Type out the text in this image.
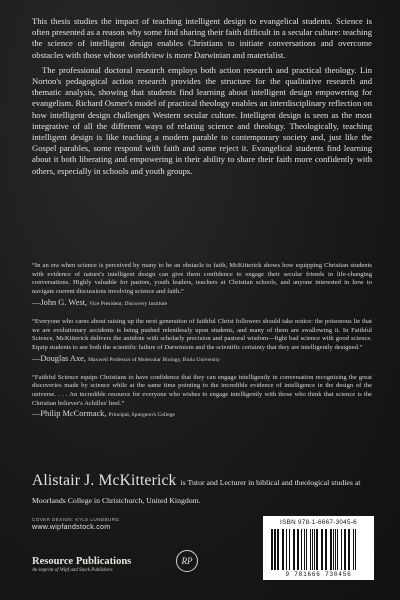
This thesis studies the impact of teaching intelligent design to evangelical students. Science is often presented as a reason why some find sharing their faith difficult in a secular culture: teaching the science of intelligent design enables Christians to initiate conversations and overcome obstacles with those whose worldview is more Darwinian and materialist.

The professional doctoral research employs both action research and practical theology. Lin Norton's pedagogical action research provides the structure for the qualitative research and thematic analysis, showing that students find learning about intelligent design empowering for evangelism. Richard Osmer's model of practical theology enables an interdisciplinary reflection on how intelligent design challenges Western secular culture. Intelligent design is seen as the most integrative of all the different ways of relating science and theology. Theologically, teaching intelligent design is like teaching a modern parable to contemporary society and, just like the Gospel parables, some respond with faith and some reject it. Evangelical students find learning about it both liberating and empowering in their ability to share their faith more confidently with others, especially in schools and youth groups.

“In an era when science is perceived by many to be an obstacle to faith, McKitterick shows how equipping Christian students with evidence of nature's intelligent design can give them confidence to engage their secular friends in life-changing conversations. Highly valuable for pastors, youth leaders, teachers at Christian schools, and anyone interested in how to navigate current discussions involving science and faith.”

—John G. West, Vice President, Discovery Institute

“Everyone who cares about raising up the next generation of faithful Christ followers should take notice: the poisonous lie that we are evolutionary accidents is being pushed relentlessly upon students, and many of them are swallowing it. In Faithful Science, McKitterick delivers the antidote with scholarly precision and pastoral wisdom—fight bad science with good science. Equip students to see both the scientific failure of Darwinism and the scientific certainty that they are intelligently designed.”

—Douglas Axe, Maxwell Professor of Molecular Biology, Biola University

“Faithful Science equips Christians to have confidence that they can engage intelligently in conversation recognizing the great discoveries made by science while at the same time pointing to the incredible evidence of intelligence in the design of the universe. . . . An incredible resource for everyone who wishes to engage intelligently with those who think that science is the Christian believer's Achilles' heel.”

—Philip McCormack, Principal, Spurgeon's College

Alistair J. McKitterick is Tutor and Lecturer in biblical and theological studies at Moorlands College in Christchurch, United Kingdom.
COVER DESIGN: KYLE LUNDBURG
www.wipfandstock.com
Resource Publications
An imprint of Wipf and Stock Publishers
RP
ISBN 978-1-6667-3045-6
9 781666 730456
